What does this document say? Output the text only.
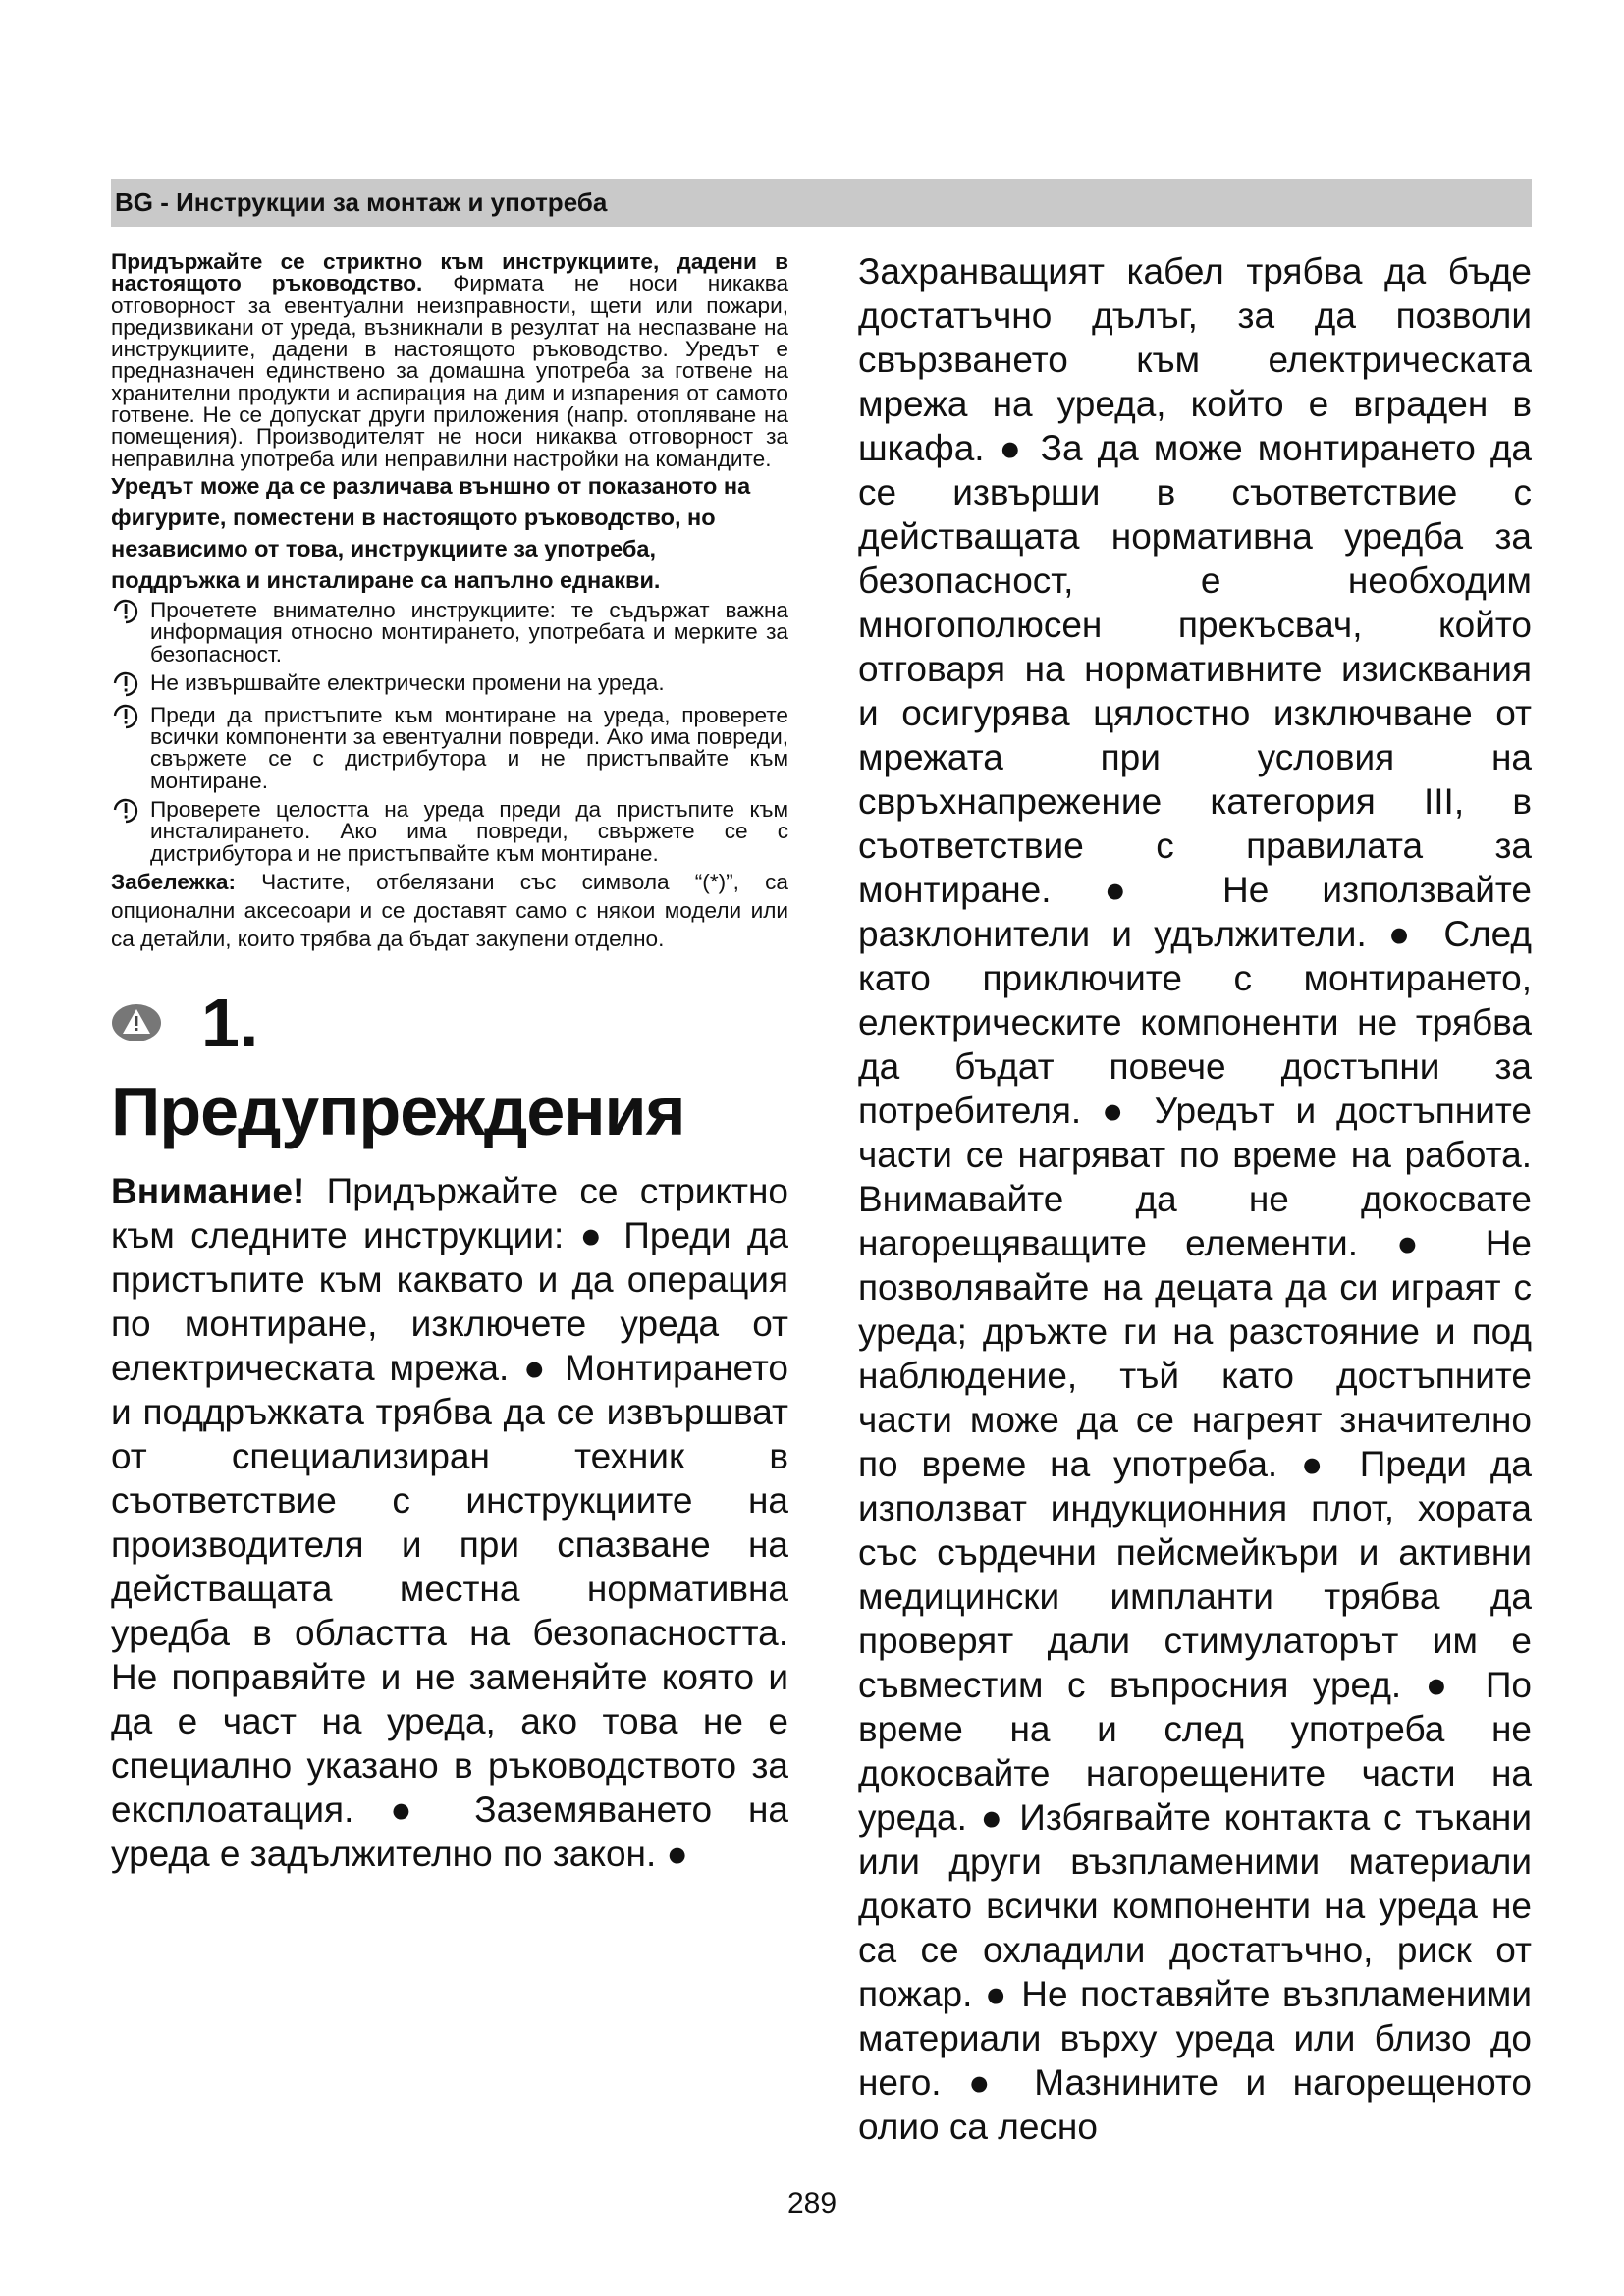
BG - Инструкции за монтаж и употреба

Придържайте се стриктно към инструкциите, дадени в настоящото ръководство. Фирмата не носи никаква отговорност за евентуални неизправности, щети или пожари, предизвикани от уреда, възникнали в резултат на неспазване на инструкциите, дадени в настоящото ръководство. Уредът е предназначен единствено за домашна употреба за готвене на хранителни продукти и аспирация на дим и изпарения от самото готвене. Не се допускат други приложения (напр. отопляване на помещения). Производителят не носи никаква отговорност за неправилна употреба или неправилни настройки на командите.

Уредът може да се различава външно от показаното на фигурите, поместени в настоящото ръководство, но независимо от това, инструкциите за употреба, поддръжка и инсталиране са напълно еднакви.

Прочетете внимателно инструкциите: те съдържат важна информация относно монтирането, употребата и мерките за безопасност.
Не извършвайте електрически промени на уреда.
Преди да пристъпите към монтиране на уреда, проверете всички компоненти за евентуални повреди. Ако има повреди, свържете се с дистрибутора и не пристъпвайте към монтиране.
Проверете целостта на уреда преди да пристъпите към инсталирането. Ако има повреди, свържете се с дистрибутора и не пристъпвайте към монтиране.

Забележка: Частите, отбелязани със символа “(*)”, са опционални аксесоари и се доставят само с някои модели или са детайли, които трябва да бъдат закупени отделно.

1.
Предупреждения

Внимание! Придържайте се стриктно към следните инструкции: ● Преди да пристъпите към каквато и да операция по монтиране, изключете уреда от електрическата мрежа. ● Монтирането и поддръжката трябва да се извършват от специализиран техник в съответствие с инструкциите на производителя и при спазване на действащата местна нормативна уредба в областта на безопасността. Не поправяйте и не заменяйте която и да е част на уреда, ако това не е специално указано в ръководството за експлоатация. ● Заземяването на уреда е задължително по закон. ●

Захранващият кабел трябва да бъде достатъчно дълъг, за да позволи свързването към електрическата мрежа на уреда, който е вграден в шкафа. ● За да може монтирането да се извърши в съответствие с действащата нормативна уредба за безопасност, е необходим многополюсен прекъсвач, който отговаря на нормативните изисквания и осигурява цялостно изключване от мрежата при условия на свръхнапрежение категория III, в съответствие с правилата за монтиране. ● Не използвайте разклонители и удължители. ● След като приключите с монтирането, електрическите компоненти не трябва да бъдат повече достъпни за потребителя. ● Уредът и достъпните части се нагряват по време на работа. Внимавайте да не докосвате нагорещяващите елементи. ● Не позволявайте на децата да си играят с уреда; дръжте ги на разстояние и под наблюдение, тъй като достъпните части може да се нагреят значително по време на употреба. ● Преди да използват индукционния плот, хората със сърдечни пейсмейкъри и активни медицински импланти трябва да проверят дали стимулаторът им е съвместим с въпросния уред. ● По време на и след употреба не докосвайте нагорещените части на уреда. ● Избягвайте контакта с тъкани или други възпламеними материали докато всички компоненти на уреда не са се охладили достатъчно, риск от пожар. ● Не поставяйте възпламеними материали върху уреда или близо до него. ● Мазнините и нагорещеното олио са лесно

289
